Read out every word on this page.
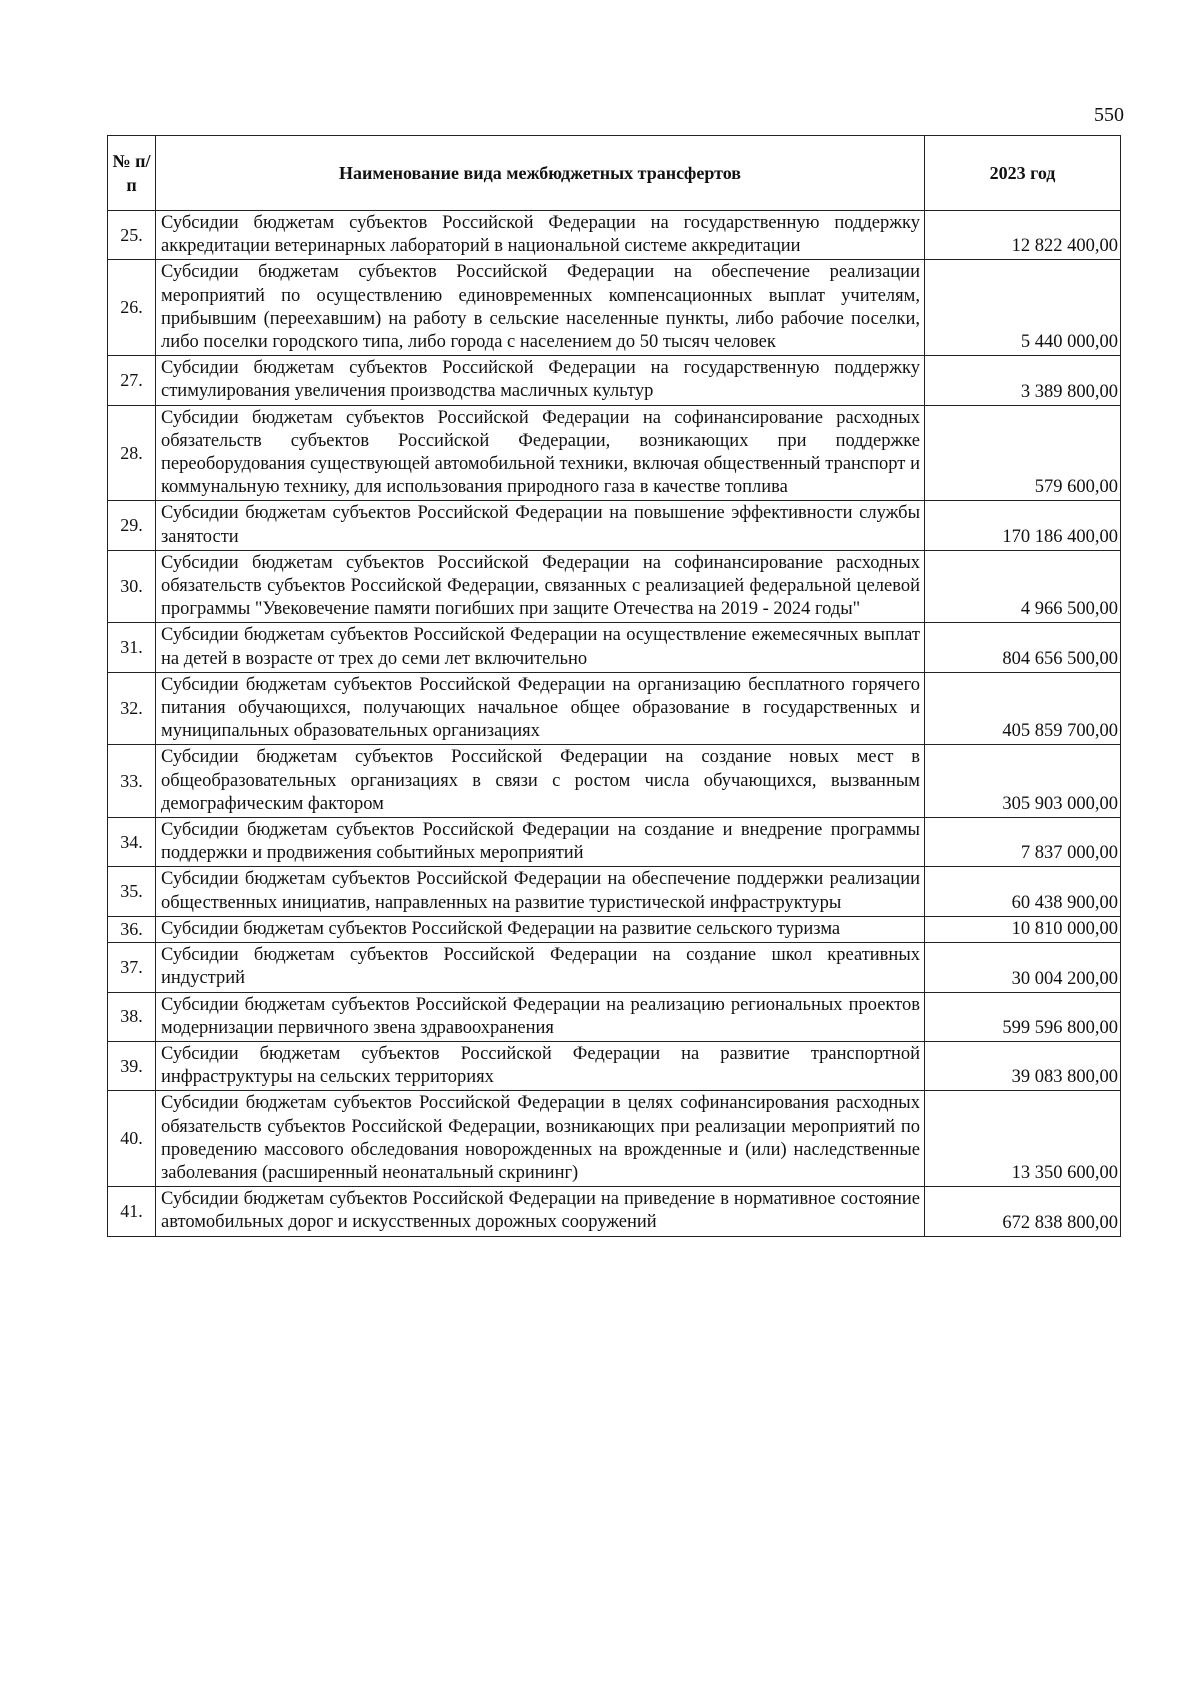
550
№ п/п	Наименование вида межбюджетных трансфертов	2023 год
25.	Субсидии бюджетам субъектов Российской Федерации на государственную поддержку аккредитации ветеринарных лабораторий в национальной системе аккредитации	12 822 400,00
26.	Субсидии бюджетам субъектов Российской Федерации на обеспечение реализации мероприятий по осуществлению единовременных компенсационных выплат учителям, прибывшим (переехавшим) на работу в сельские населенные пункты, либо рабочие поселки, либо поселки городского типа, либо города с населением до 50 тысяч человек	5 440 000,00
27.	Субсидии бюджетам субъектов Российской Федерации на государственную поддержку стимулирования увеличения производства масличных культур	3 389 800,00
28.	Субсидии бюджетам субъектов Российской Федерации на софинансирование расходных обязательств субъектов Российской Федерации, возникающих при поддержке переоборудования существующей автомобильной техники, включая общественный транспорт и коммунальную технику, для использования природного газа в качестве топлива	579 600,00
29.	Субсидии бюджетам субъектов Российской Федерации на повышение эффективности службы занятости	170 186 400,00
30.	Субсидии бюджетам субъектов Российской Федерации на софинансирование расходных обязательств субъектов Российской Федерации, связанных с реализацией федеральной целевой программы "Увековечение памяти погибших при защите Отечества на 2019 - 2024 годы"	4 966 500,00
31.	Субсидии бюджетам субъектов Российской Федерации на осуществление ежемесячных выплат на детей в возрасте от трех до семи лет включительно	804 656 500,00
32.	Субсидии бюджетам субъектов Российской Федерации на организацию бесплатного горячего питания обучающихся, получающих начальное общее образование в государственных и муниципальных образовательных организациях	405 859 700,00
33.	Субсидии бюджетам субъектов Российской Федерации на создание новых мест в общеобразовательных организациях в связи с ростом числа обучающихся, вызванным демографическим фактором	305 903 000,00
34.	Субсидии бюджетам субъектов Российской Федерации на создание и внедрение программы поддержки и продвижения событийных мероприятий	7 837 000,00
35.	Субсидии бюджетам субъектов Российской Федерации на обеспечение поддержки реализации общественных инициатив, направленных на развитие туристической инфраструктуры	60 438 900,00
36.	Субсидии бюджетам субъектов Российской Федерации на развитие сельского туризма	10 810 000,00
37.	Субсидии бюджетам субъектов Российской Федерации на создание школ креативных индустрий	30 004 200,00
38.	Субсидии бюджетам субъектов Российской Федерации на реализацию региональных проектов модернизации первичного звена здравоохранения	599 596 800,00
39.	Субсидии бюджетам субъектов Российской Федерации на развитие транспортной инфраструктуры на сельских территориях	39 083 800,00
40.	Субсидии бюджетам субъектов Российской Федерации в целях софинансирования расходных обязательств субъектов Российской Федерации, возникающих при реализации мероприятий по проведению массового обследования новорожденных на врожденные и (или) наследственные заболевания (расширенный неонатальный скрининг)	13 350 600,00
41.	Субсидии бюджетам субъектов Российской Федерации на приведение в нормативное состояние автомобильных дорог и искусственных дорожных сооружений	672 838 800,00
